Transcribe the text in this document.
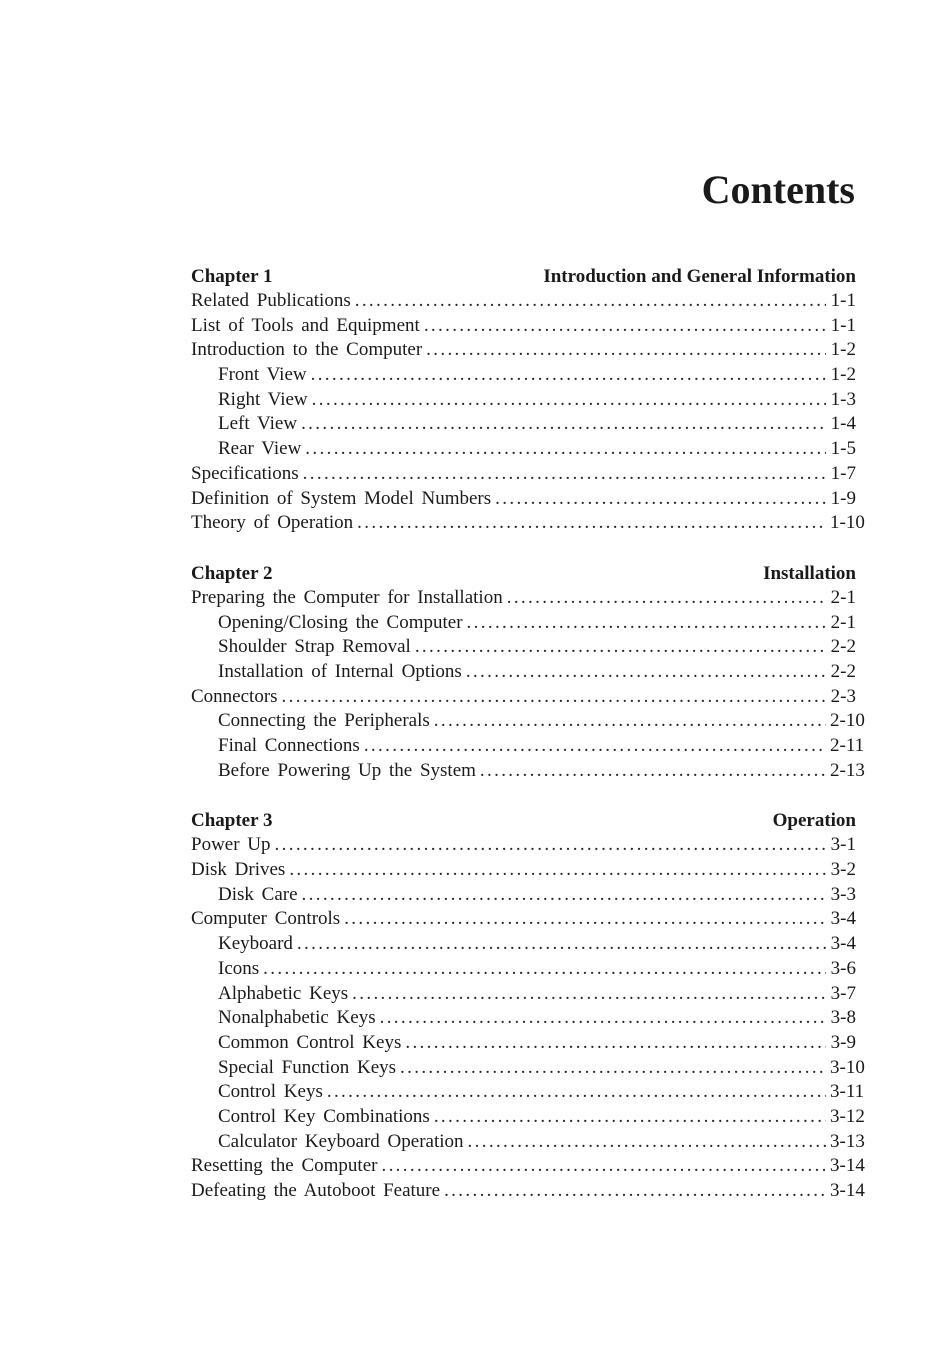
Contents
Chapter 1	Introduction and General Information
Related Publications . . .	1-1
List of Tools and Equipment . . .	1-1
Introduction to the Computer . . .	1-2
Front View . . .	1-2
Right View . . .	1-3
Left View . . .	1-4
Rear View . . .	1-5
Specifications . . .	1-7
Definition of System Model Numbers . . .	1-9
Theory of Operation . . .	1-10
Chapter 2	Installation
Preparing the Computer for Installation . . .	2-1
Opening/Closing the Computer . . .	2-1
Shoulder Strap Removal . . .	2-2
Installation of Internal Options . . .	2-2
Connectors . . .	2-3
Connecting the Peripherals . . .	2-10
Final Connections . . .	2-11
Before Powering Up the System . . .	2-13
Chapter 3	Operation
Power Up . . .	3-1
Disk Drives . . .	3-2
Disk Care . . .	3-3
Computer Controls . . .	3-4
Keyboard . . .	3-4
Icons . . .	3-6
Alphabetic Keys . . .	3-7
Nonalphabetic Keys . . .	3-8
Common Control Keys . . .	3-9
Special Function Keys . . .	3-10
Control Keys . . .	3-11
Control Key Combinations . . .	3-12
Calculator Keyboard Operation . . .	3-13
Resetting the Computer . . .	3-14
Defeating the Autoboot Feature . . .	3-14
